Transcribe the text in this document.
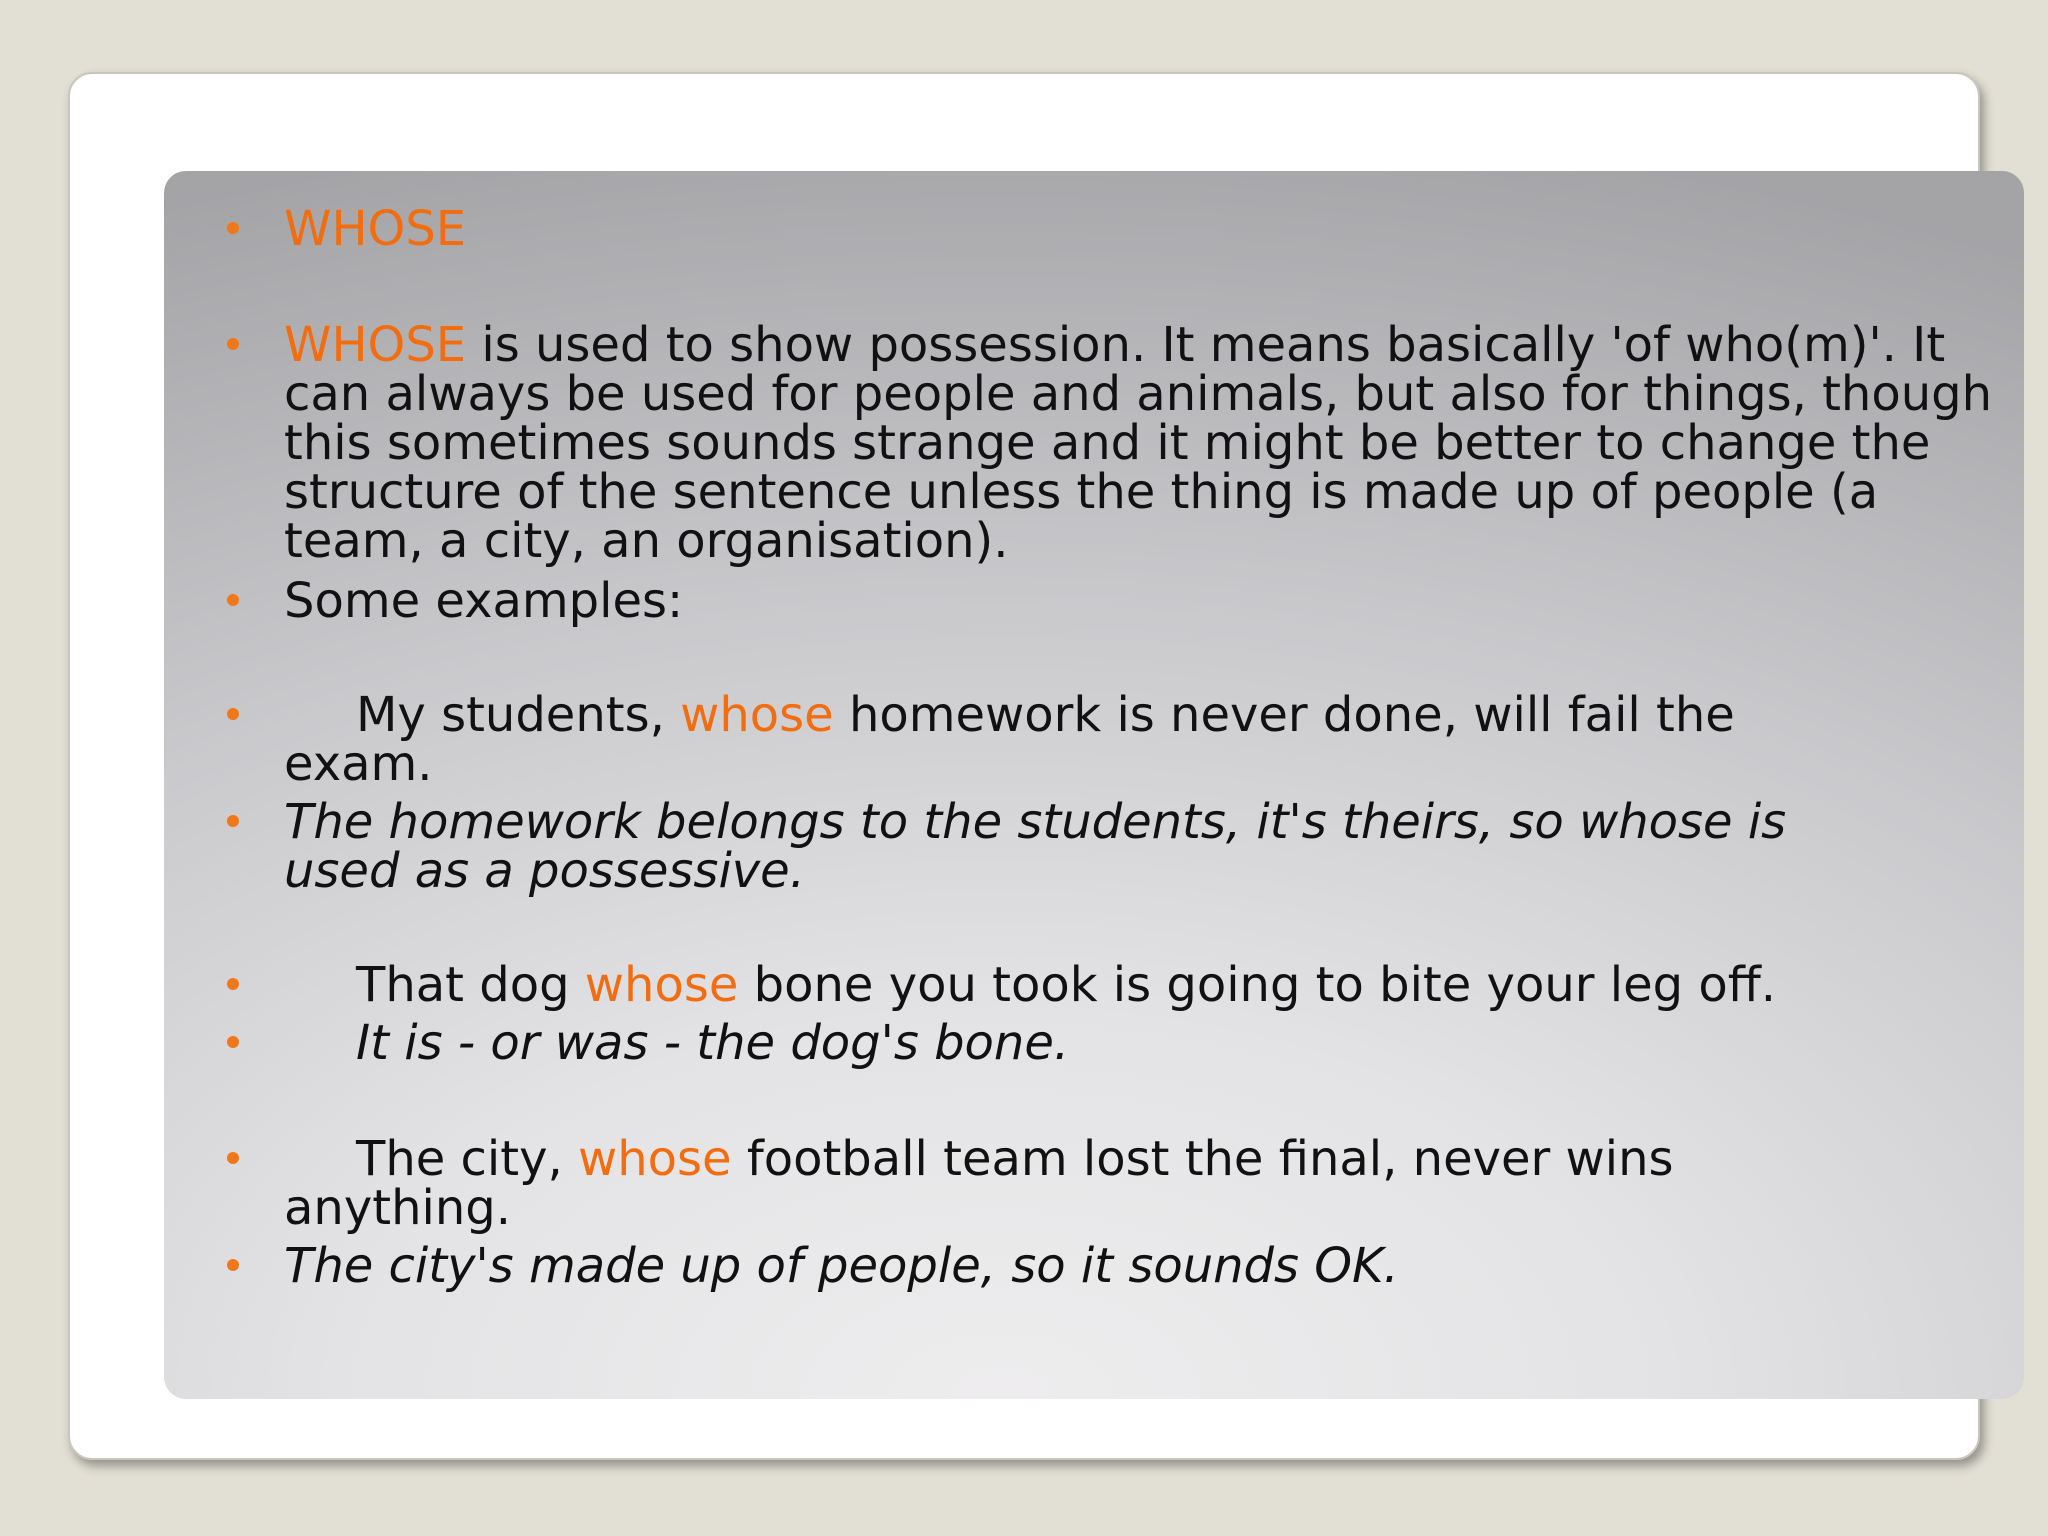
WHOSE
WHOSE is used to show possession. It means basically 'of who(m)'. It can always be used for people and animals, but also for things, though this sometimes sounds strange and it might be better to change the structure of the sentence unless the thing is made up of people (a team, a city, an organisation).
Some examples:
My students, whose homework is never done, will fail the
exam.
The homework belongs to the students, it's theirs, so whose is
used as a possessive.
That dog whose bone you took is going to bite your leg off.
It is - or was - the dog's bone.
The city, whose football team lost the final, never wins
anything.
The city's made up of people, so it sounds OK.
